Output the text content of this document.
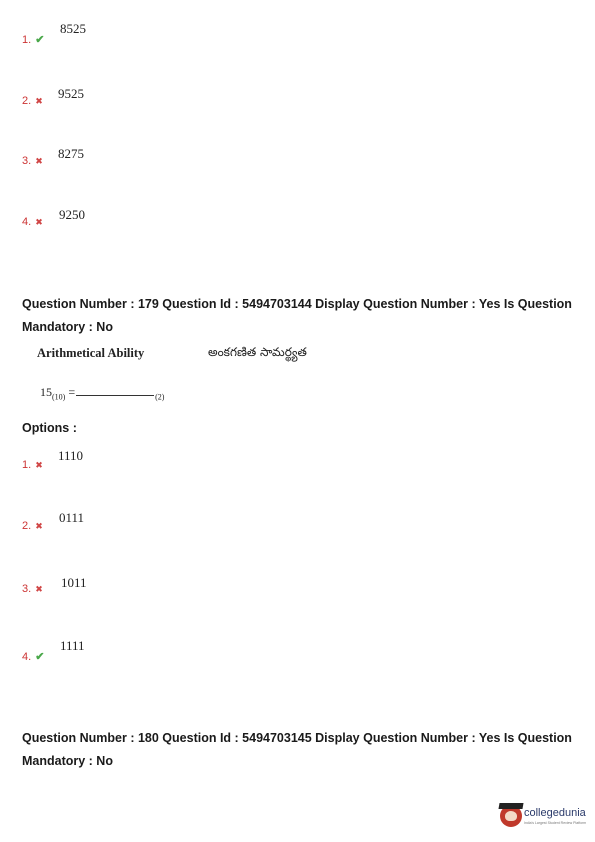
1. ✔
8525
2. ✖ 9525
3. ✖ 8275
4. ✖ 9250
Question Number : 179 Question Id : 5494703144 Display Question Number : Yes Is Question
Mandatory : No
Arithmetical Ability	అంకగణిత సామర్థ్యత
$15_{(10)}$ =	$_{(2)}$
Options :
1. ✖
1110
2. ✖
0111
3. ✖ 1011
4. ✔
1111
Question Number : 180 Question Id : 5494703145 Display Question Number : Yes Is Question
Mandatory : No
collegedunia
India's Largest Student Review Platform
